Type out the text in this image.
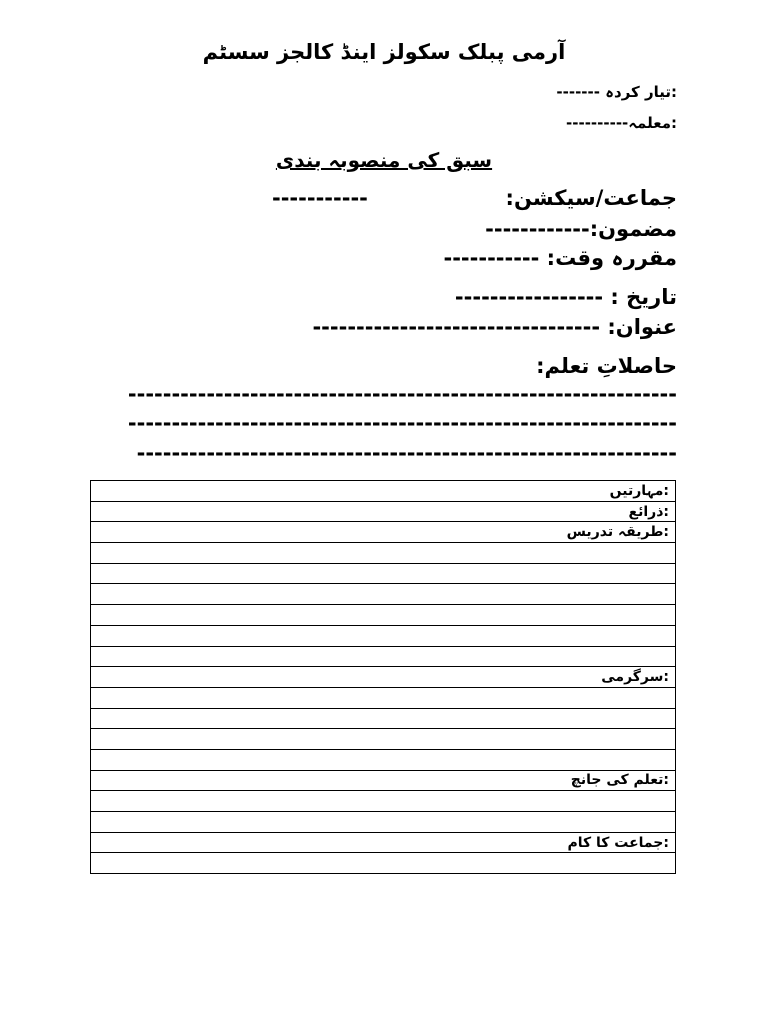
آرمی پبلک سکولز اینڈ کالجز سسٹم
:تیار کردہ -------
:معلمہ----------
سبق کی منصوبہ بندی
جماعت/سیکشن:
-----------
مضمون:------------
مقررہ وقت: -----------
تاریخ : -----------------
عنوان: ---------------------------------
حاصلاتِ تعلم:
---------------------------------------------------------------
---------------------------------------------------------------
--------------------------------------------------------------
:مہارتیں
:ذرائع
:طریقہ تدریس

:سرگرمی

:تعلم کی جانچ

:جماعت کا کام
